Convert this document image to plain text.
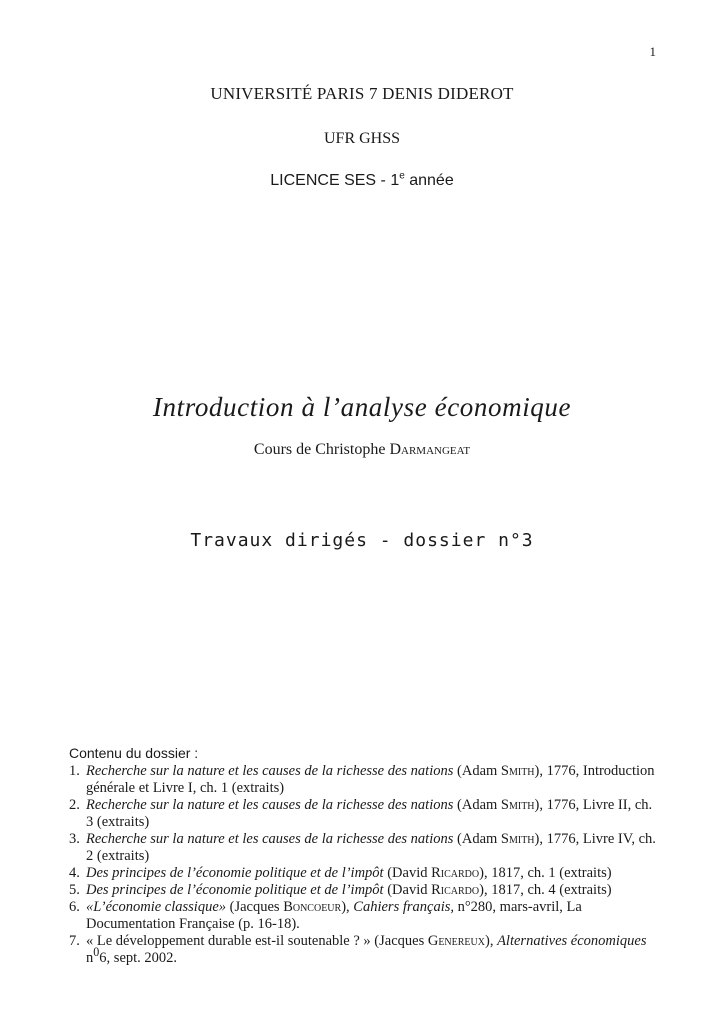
1
UNIVERSITÉ PARIS 7 DENIS DIDEROT
UFR GHSS
LICENCE SES - 1e année
Introduction à l’analyse économique
Cours de Christophe Darmangeat
Travaux dirigés - dossier n°3
Contenu du dossier :
1. Recherche sur la nature et les causes de la richesse des nations (Adam Smith), 1776, Introduction générale et Livre I, ch. 1 (extraits)
2. Recherche sur la nature et les causes de la richesse des nations (Adam Smith), 1776, Livre II, ch. 3 (extraits)
3. Recherche sur la nature et les causes de la richesse des nations (Adam Smith), 1776, Livre IV, ch. 2 (extraits)
4. Des principes de l’économie politique et de l’impôt (David Ricardo), 1817, ch. 1 (extraits)
5. Des principes de l’économie politique et de l’impôt (David Ricardo), 1817, ch. 4 (extraits)
6. «L’économie classique» (Jacques Boncoeur), Cahiers français, n°280, mars-avril, La Documentation Française (p. 16-18).
7. « Le développement durable est-il soutenable ? » (Jacques Genereux), Alternatives économiques
$n^06$, sept. 2002.
